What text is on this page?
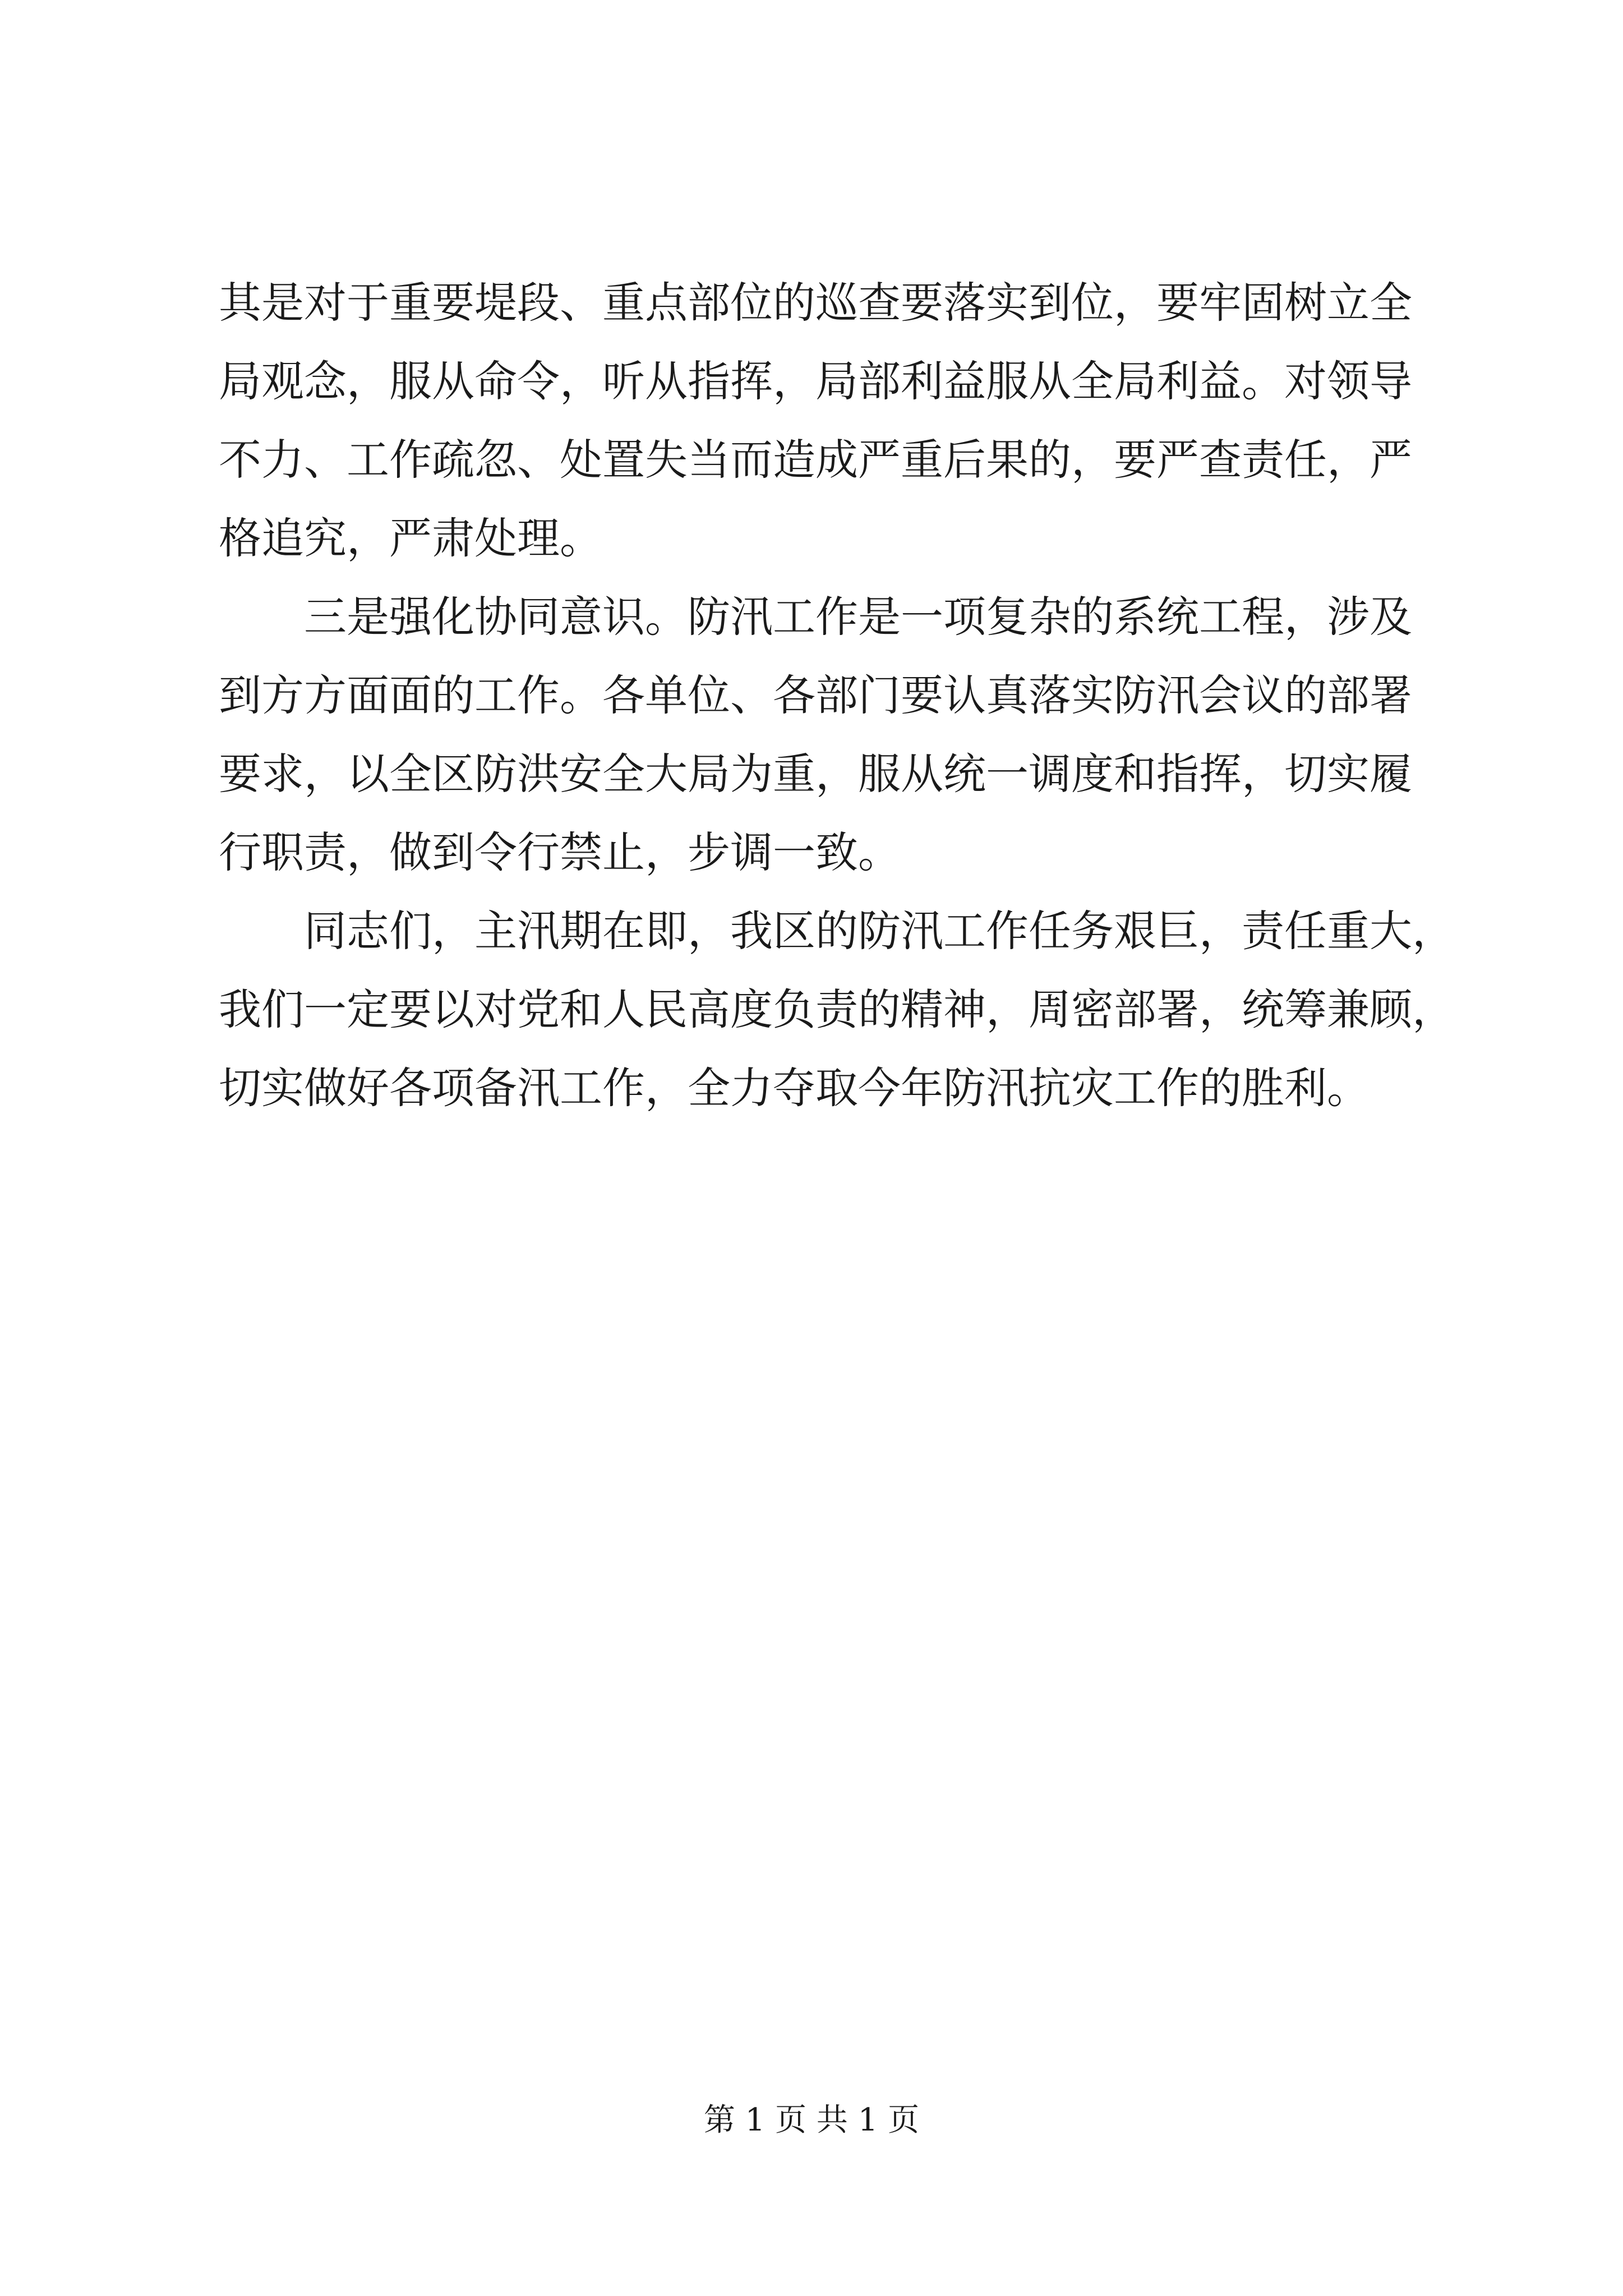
其是对于重要堤段、重点部位的巡查要落实到位，要牢固树立全
局观念，服从命令，听从指挥，局部利益服从全局利益。对领导
不力、工作疏忽、处置失当而造成严重后果的，要严查责任，严
格追究，严肃处理。
三是强化协同意识。防汛工作是一项复杂的系统工程，涉及
到方方面面的工作。各单位、各部门要认真落实防汛会议的部署
要求，以全区防洪安全大局为重，服从统一调度和指挥，切实履
行职责，做到令行禁止，步调一致。
同志们，主汛期在即，我区的防汛工作任务艰巨，责任重大，
我们一定要以对党和人民高度负责的精神，周密部署，统筹兼顾，
切实做好各项备汛工作，全力夺取今年防汛抗灾工作的胜利。
第 1 页 共 1 页
